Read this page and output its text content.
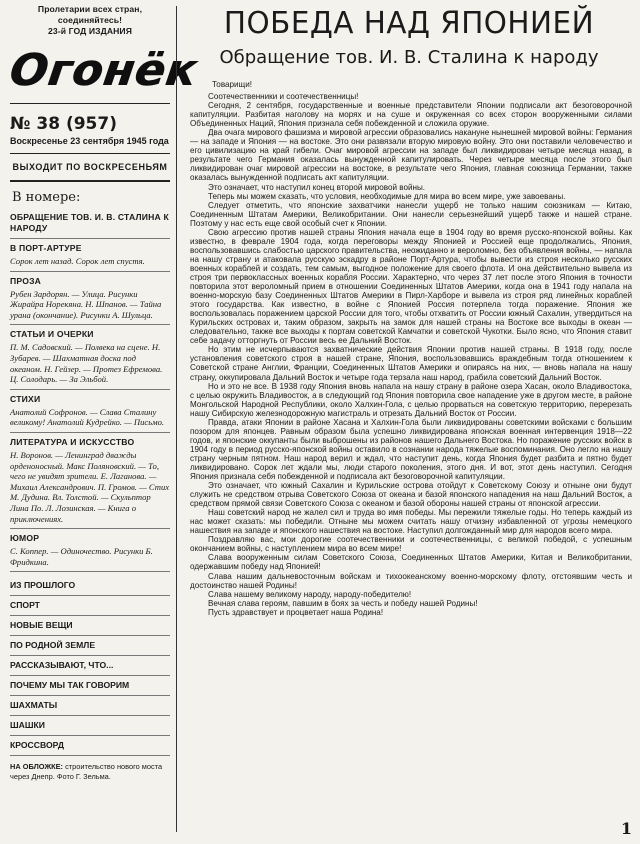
Пролетарии всех стран, соединяйтесь!
23-й ГОД ИЗДАНИЯ
Огонёк
№ 38 (957)
Воскресенье 23 сентября 1945 года
ВЫХОДИТ ПО ВОСКРЕСЕНЬЯМ
В номере:
ОБРАЩЕНИЕ ТОВ. И. В. СТАЛИНА К НАРОДУ
В ПОРТ-АРТУРЕ
Сорок лет назад. Сорок лет спустя.
ПРОЗА
Рубен Зардорян. — Улица. Рисунки Жирайра Норекяна. Н. Шпанов. — Тайна урана (окончание). Рисунки А. Шульца.
СТАТЬИ И ОЧЕРКИ
П. М. Садовский. — Полвека на сцене. Н. Зубарев. — Шахматная доска под океаном. Н. Гейзер. — Протез Ефремова. Ц. Солодарь. — За Эльбой.
СТИХИ
Анатолий Софронов. — Слава Сталину великому! Анатолий Кудрейко. — Письмо.
ЛИТЕРАТУРА И ИСКУССТВО
Н. Воронов. — Ленинград дважды орденоносный. Макс Поляновский. — То, чего не увидят зрители. Е. Лаганова. — Михаил Александрович. П. Громов. — Стих М. Дудина. Вл. Толстой. — Скульптор Лина По. Л. Лозинская. — Книга о приключениях.
ЮМОР
С. Коппер. — Одиночество. Рисунки Б. Фридкина.
ИЗ ПРОШЛОГО
СПОРТ
НОВЫЕ ВЕЩИ
ПО РОДНОЙ ЗЕМЛЕ
РАССКАЗЫВАЮТ, ЧТО...
ПОЧЕМУ МЫ ТАК ГОВОРИМ
ШАХМАТЫ
ШАШКИ
КРОССВОРД
НА ОБЛОЖКЕ: строительство нового моста через Днепр. Фото Г. Зельма.
ПОБЕДА НАД ЯПОНИЕЙ
Обращение тов. И. В. Сталина к народу

Товарищи!

Соотечественники и соотечественницы!

Сегодня, 2 сентября, государственные и военные представители Японии подписали акт безоговорочной капитуляции. Разбитая наголову на морях и на суше и окруженная со всех сторон вооруженными силами Объединенных Наций, Япония признала себя побежденной и сложила оружие.

Два очага мирового фашизма и мировой агрессии образовались накануне нынешней мировой войны: Германия — на западе и Япония — на востоке. Это они развязали вторую мировую войну. Это они поставили человечество и его цивилизацию на край гибели. Очаг мировой агрессии на западе был ликвидирован четыре месяца назад, в результате чего Германия оказалась вынужденной капитулировать. Через четыре месяца после этого был ликвидирован очаг мировой агрессии на востоке, в результате чего Япония, главная союзница Германии, также оказалась вынужденной подписать акт капитуляции.

Это означает, что наступил конец второй мировой войны.

Теперь мы можем сказать, что условия, необходимые для мира во всем мире, уже завоеваны.

Следует отметить, что японские захватчики нанесли ущерб не только нашим союзникам — Китаю, Соединенным Штатам Америки, Великобритании. Они нанесли серьезнейший ущерб также и нашей стране. Поэтому у нас есть еще свой особый счет к Японии.

Свою агрессию против нашей страны Япония начала еще в 1904 году во время русско-японской войны. Как известно, в феврале 1904 года, когда переговоры между Японией и Россией еще продолжались, Япония, воспользовавшись слабостью царского правительства, неожиданно и вероломно, без объявления войны, — напала на нашу страну и атаковала русскую эскадру в районе Порт-Артура, чтобы вывести из строя несколько русских военных кораблей и создать, тем самым, выгодное положение для своего флота. И она действительно вывела из строя три первоклассных военных корабля России. Характерно, что через 37 лет после этого Япония в точности повторила этот вероломный прием в отношении Соединенных Штатов Америки, когда она в 1941 году напала на военно-морскую базу Соединенных Штатов Америки в Пирл-Харборе и вывела из строя ряд линейных кораблей этого государства. Как известно, в войне с Японией Россия потерпела тогда поражение. Япония же воспользовалась поражением царской России для того, чтобы отхватить от России южный Сахалин, утвердиться на Курильских островах и, таким образом, закрыть на замок для нашей страны на Востоке все выходы в океан — следовательно, также все выходы к портам советской Камчатки и советской Чукотки. Было ясно, что Япония ставит себе задачу отторгнуть от России весь ее Дальний Восток.

Но этим не исчерпываются захватнические действия Японии против нашей страны. В 1918 году, после установления советского строя в нашей стране, Япония, воспользовавшись враждебным тогда отношением к Советской стране Англии, Франции, Соединенных Штатов Америки и опираясь на них, — вновь напала на нашу страну, оккупировала Дальний Восток и четыре года терзала наш народ, грабила советский Дальний Восток.

Но и это не все. В 1938 году Япония вновь напала на нашу страну в районе озера Хасан, около Владивостока, с целью окружить Владивосток, а в следующий год Япония повторила свое нападение уже в другом месте, в районе Монгольской Народной Республики, около Халхин-Гола, с целью прорваться на советскую территорию, перерезать нашу Сибирскую железнодорожную магистраль и отрезать Дальний Восток от России.

Правда, атаки Японии в районе Хасана и Халхин-Гола были ликвидированы советскими войсками с большим позором для японцев. Равным образом была успешно ликвидирована японская военная интервенция 1918—22 годов, и японские оккупанты были выброшены из районов нашего Дальнего Востока. Но поражение русских войск в 1904 году в период русско-японской войны оставило в сознании народа тяжелые воспоминания. Оно легло на нашу страну черным пятном. Наш народ верил и ждал, что наступит день, когда Япония будет разбита и пятно будет ликвидировано. Сорок лет ждали мы, люди старого поколения, этого дня. И вот, этот день наступил. Сегодня Япония признала себя побежденной и подписала акт безоговорочной капитуляции.

Это означает, что южный Сахалин и Курильские острова отойдут к Советскому Союзу и отныне они будут служить не средством отрыва Советского Союза от океана и базой японского нападения на наш Дальний Восток, а средством прямой связи Советского Союза с океаном и базой обороны нашей страны от японской агрессии.

Наш советский народ не жалел сил и труда во имя победы. Мы пережили тяжелые годы. Но теперь каждый из нас может сказать: мы победили. Отныне мы можем считать нашу отчизну избавленной от угрозы немецкого нашествия на западе и японского нашествия на востоке. Наступил долгожданный мир для народов всего мира.

Поздравляю вас, мои дорогие соотечественники и соотечественницы, с великой победой, с успешным окончанием войны, с наступлением мира во всем мире!

Слава вооруженным силам Советского Союза, Соединенных Штатов Америки, Китая и Великобритании, одержавшим победу над Японией!

Слава нашим дальневосточным войскам и тихоокеанскому военно-морскому флоту, отстоявшим честь и достоинство нашей Родины!

Слава нашему великому народу, народу-победителю!

Вечная слава героям, павшим в боях за честь и победу нашей Родины!

Пусть здравствует и процветает наша Родина!

1
